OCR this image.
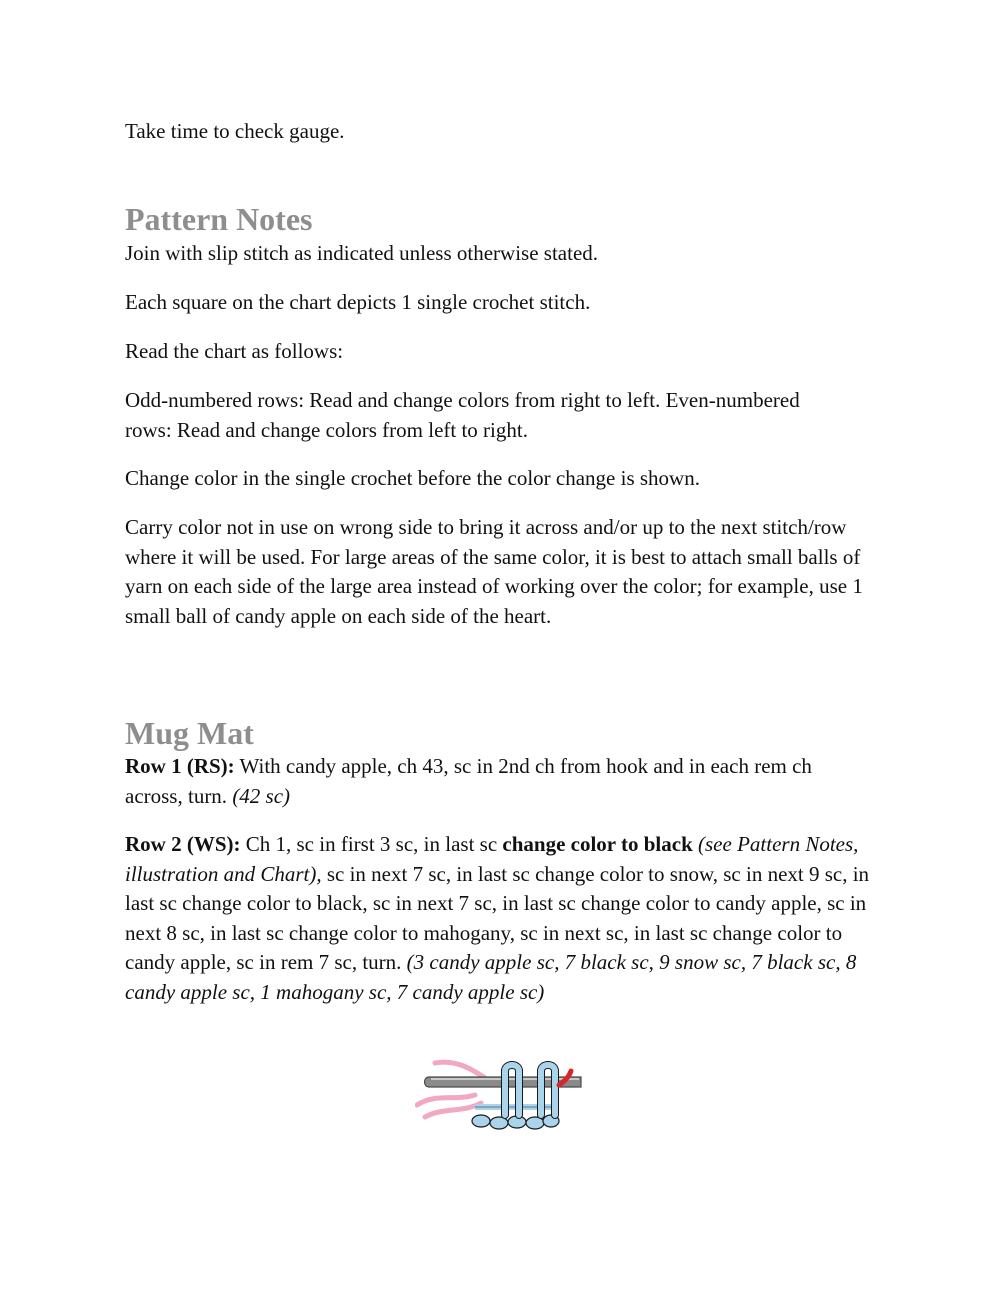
Take time to check gauge.

Pattern Notes

Join with slip stitch as indicated unless otherwise stated.

Each square on the chart depicts 1 single crochet stitch.

Read the chart as follows:

Odd-numbered rows: Read and change colors from right to left. Even-numbered rows: Read and change colors from left to right.

Change color in the single crochet before the color change is shown.

Carry color not in use on wrong side to bring it across and/or up to the next stitch/row where it will be used. For large areas of the same color, it is best to attach small balls of yarn on each side of the large area instead of working over the color; for example, use 1 small ball of candy apple on each side of the heart.

Mug Mat

Row 1 (RS): With candy apple, ch 43, sc in 2nd ch from hook and in each rem ch across, turn. (42 sc)

Row 2 (WS): Ch 1, sc in first 3 sc, in last sc change color to black (see Pattern Notes, illustration and Chart), sc in next 7 sc, in last sc change color to snow, sc in next 9 sc, in last sc change color to black, sc in next 7 sc, in last sc change color to candy apple, sc in next 8 sc, in last sc change color to mahogany, sc in next sc, in last sc change color to candy apple, sc in rem 7 sc, turn. (3 candy apple sc, 7 black sc, 9 snow sc, 7 black sc, 8 candy apple sc, 1 mahogany sc, 7 candy apple sc)
